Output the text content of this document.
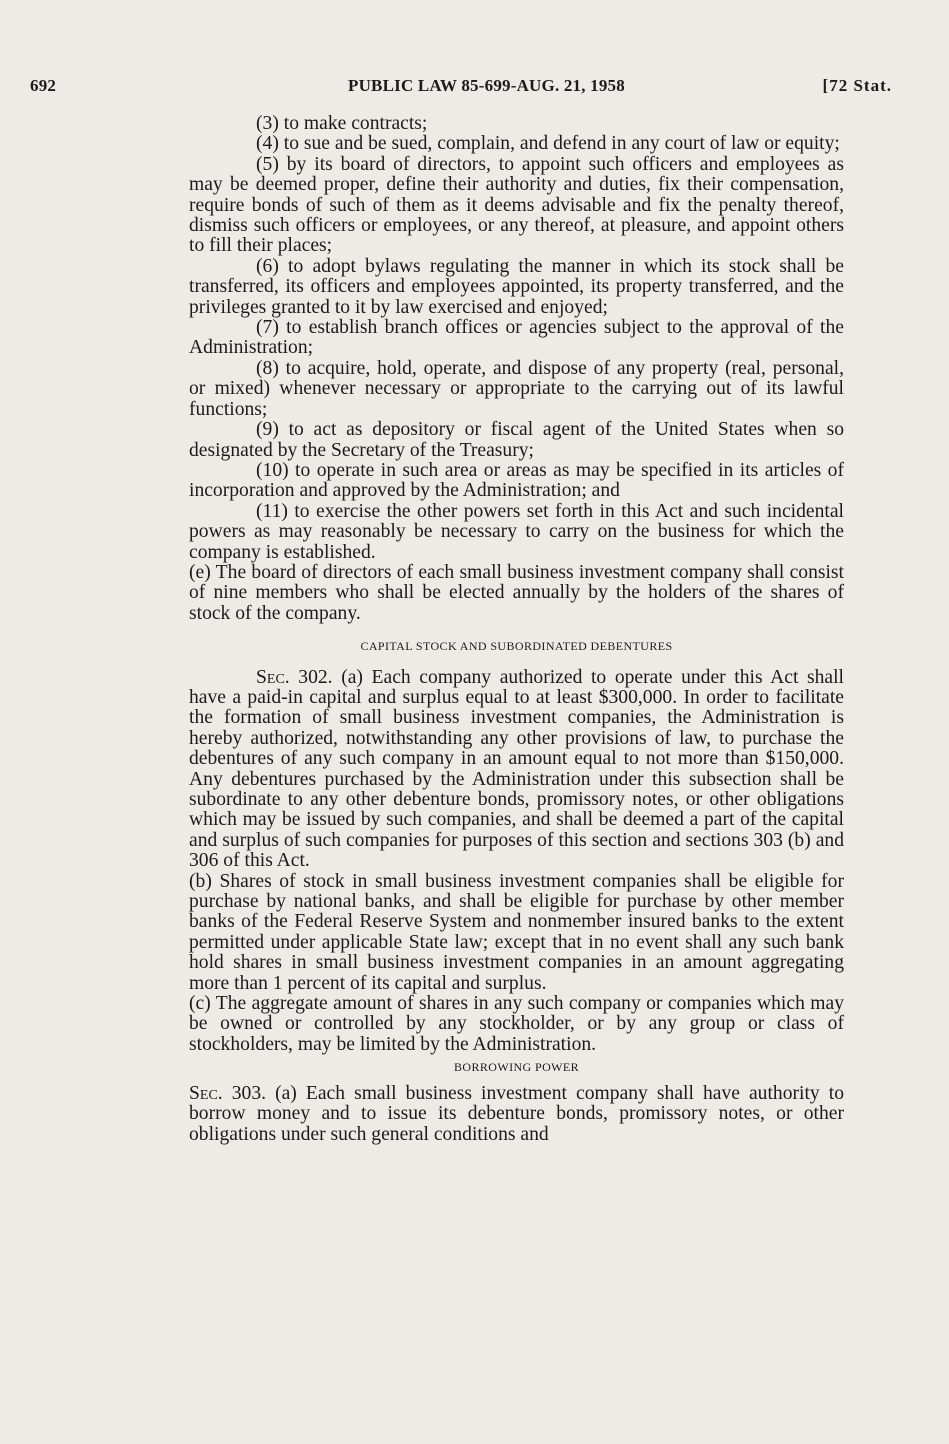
692	PUBLIC LAW 85-699-AUG. 21, 1958	[72 Stat.

(3) to make contracts;

(4) to sue and be sued, complain, and defend in any court of law or equity;

(5) by its board of directors, to appoint such officers and employees as may be deemed proper, define their authority and duties, fix their compensation, require bonds of such of them as it deems advisable and fix the penalty thereof, dismiss such officers or employees, or any thereof, at pleasure, and appoint others to fill their places;

(6) to adopt bylaws regulating the manner in which its stock shall be transferred, its officers and employees appointed, its property transferred, and the privileges granted to it by law exercised and enjoyed;

(7) to establish branch offices or agencies subject to the approval of the Administration;

(8) to acquire, hold, operate, and dispose of any property (real, personal, or mixed) whenever necessary or appropriate to the carrying out of its lawful functions;

(9) to act as depository or fiscal agent of the United States when so designated by the Secretary of the Treasury;

(10) to operate in such area or areas as may be specified in its articles of incorporation and approved by the Administration; and

(11) to exercise the other powers set forth in this Act and such incidental powers as may reasonably be necessary to carry on the business for which the company is established.

(e) The board of directors of each small business investment company shall consist of nine members who shall be elected annually by the holders of the shares of stock of the company.

CAPITAL STOCK AND SUBORDINATED DEBENTURES

Sec. 302. (a) Each company authorized to operate under this Act shall have a paid-in capital and surplus equal to at least $300,000. In order to facilitate the formation of small business investment companies, the Administration is hereby authorized, notwithstanding any other provisions of law, to purchase the debentures of any such company in an amount equal to not more than $150,000. Any debentures purchased by the Administration under this subsection shall be subordinate to any other debenture bonds, promissory notes, or other obligations which may be issued by such companies, and shall be deemed a part of the capital and surplus of such companies for purposes of this section and sections 303 (b) and 306 of this Act.

(b) Shares of stock in small business investment companies shall be eligible for purchase by national banks, and shall be eligible for purchase by other member banks of the Federal Reserve System and nonmember insured banks to the extent permitted under applicable State law; except that in no event shall any such bank hold shares in small business investment companies in an amount aggregating more than 1 percent of its capital and surplus.

(c) The aggregate amount of shares in any such company or companies which may be owned or controlled by any stockholder, or by any group or class of stockholders, may be limited by the Administration.

BORROWING POWER

Sec. 303. (a) Each small business investment company shall have authority to borrow money and to issue its debenture bonds, promissory notes, or other obligations under such general conditions and
